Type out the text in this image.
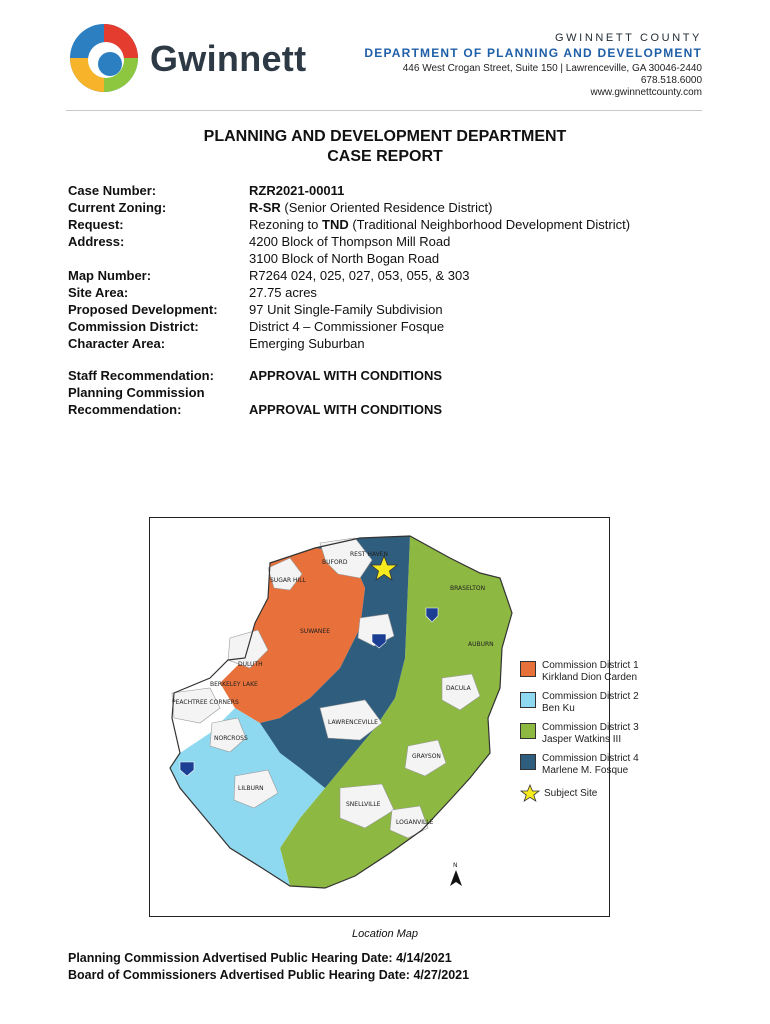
Gwinnett	GWINNETT COUNTY
DEPARTMENT OF PLANNING AND DEVELOPMENT
446 West Crogan Street, Suite 150 | Lawrenceville, GA 30046-2440
678.518.6000
www.gwinnettcounty.com
PLANNING AND DEVELOPMENT DEPARTMENT
CASE REPORT
Case Number:	RZR2021-00011
Current Zoning:	R-SR (Senior Oriented Residence District)
Request:	Rezoning to TND (Traditional Neighborhood Development District)
Address:	4200 Block of Thompson Mill Road
3100 Block of North Bogan Road
Map Number:	R7264 024, 025, 027, 053, 055, & 303
Site Area:	27.75 acres
Proposed Development:	97 Unit Single-Family Subdivision
Commission District:	District 4 – Commissioner Fosque
Character Area:	Emerging Suburban
Staff Recommendation:	APPROVAL WITH CONDITIONS
Planning Commission
Recommendation:	APPROVAL WITH CONDITIONS
BUFORD
REST HAVEN
SUGAR HILL
SUWANEE
DULUTH
BERKELEY LAKE
PEACHTREE CORNERS
NORCROSS
LAWRENCEVILLE
DACULA
BRASELTON
AUBURN
LILBURN
GRAYSON
SNELLVILLE
LOGANVILLE
N
Commission District 1
Kirkland Dion Carden
Commission District 2
Ben Ku
Commission District 3
Jasper Watkins III
Commission District 4
Marlene M. Fosque
Subject Site
Location Map
Planning Commission Advertised Public Hearing Date: 4/14/2021
Board of Commissioners Advertised Public Hearing Date: 4/27/2021
